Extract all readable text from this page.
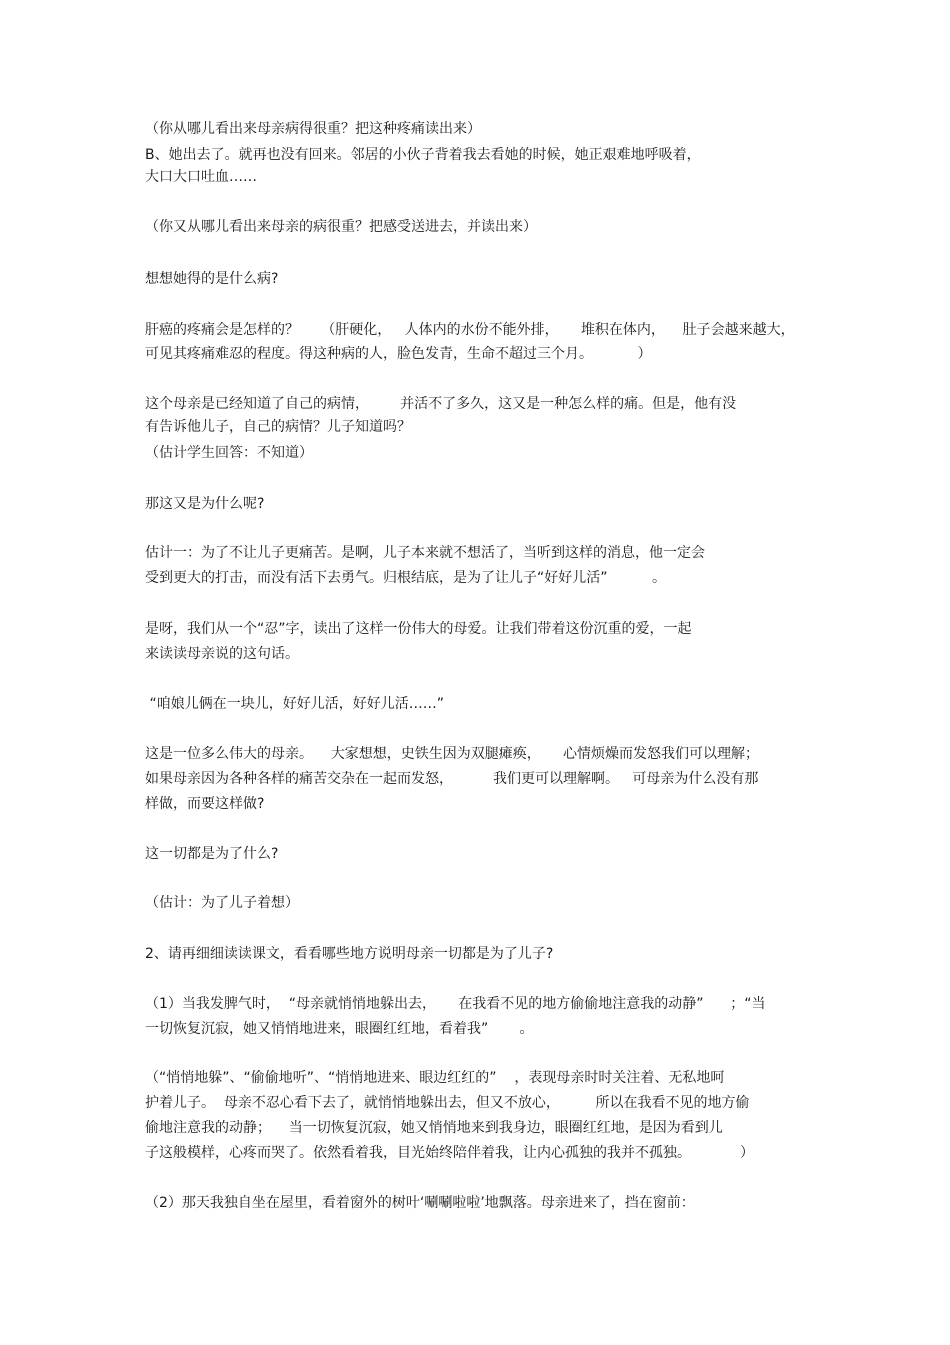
（你从哪儿看出来母亲病得很重？把这种疼痛读出来）
B、她出去了。就再也没有回来。邻居的小伙子背着我去看她的时候，她正艰难地呼吸着，
大口大口吐血……
（你又从哪儿看出来母亲的病很重？把感受送进去，并读出来）
想想她得的是什么病?
肝癌的疼痛会是怎样的？     （肝硬化，   人体内的水份不能外排，     堆积在体内，    肚子会越来越大，
可见其疼痛难忍的程度。得这种病的人，脸色发青，生命不超过三个月。          ）
这个母亲是已经知道了自己的病情，       并活不了多久，这又是一种怎么样的痛。但是，他有没
有告诉他儿子，自己的病情？儿子知道吗？
（估计学生回答：不知道）
那这又是为什么呢?
估计一：为了不让儿子更痛苦。是啊，儿子本来就不想活了，当听到这样的消息，他一定会
受到更大的打击，而没有活下去勇气。归根结底，是为了让儿子“好好儿活”          。
是呀，我们从一个“忍”字，读出了这样一份伟大的母爱。让我们带着这份沉重的爱，一起
来读读母亲说的这句话。
“咱娘儿俩在一块儿，好好儿活，好好儿活……”
这是一位多么伟大的母亲。    大家想想，史铁生因为双腿瘫痪，     心情烦燥而发怒我们可以理解；
如果母亲因为各种各样的痛苦交杂在一起而发怒，         我们更可以理解啊。   可母亲为什么没有那
样做，而要这样做?
这一切都是为了什么?
（估计：为了儿子着想）
2、请再细细读读课文，看看哪些地方说明母亲一切都是为了儿子?
（1）当我发脾气时，  “母亲就悄悄地躲出去，     在我看不见的地方偷偷地注意我的动静”      ；“当
一切恢复沉寂，她又悄悄地进来，眼圈红红地，看着我”       。
（“悄悄地躲”、“偷偷地听”、“悄悄地进来、眼边红红的”    ，表现母亲时时关注着、无私地呵
护着儿子。  母亲不忍心看下去了，就悄悄地躲出去，但又不放心，        所以在我看不见的地方偷
偷地注意我的动静；    当一切恢复沉寂，她又悄悄地来到我身边，眼圈红红地，是因为看到儿
子这般模样，心疼而哭了。依然看着我，目光始终陪伴着我，让内心孤独的我并不孤独。           ）
（2）那天我独自坐在屋里，看着窗外的树叶‘唰唰啦啦’地飘落。母亲进来了，挡在窗前：
